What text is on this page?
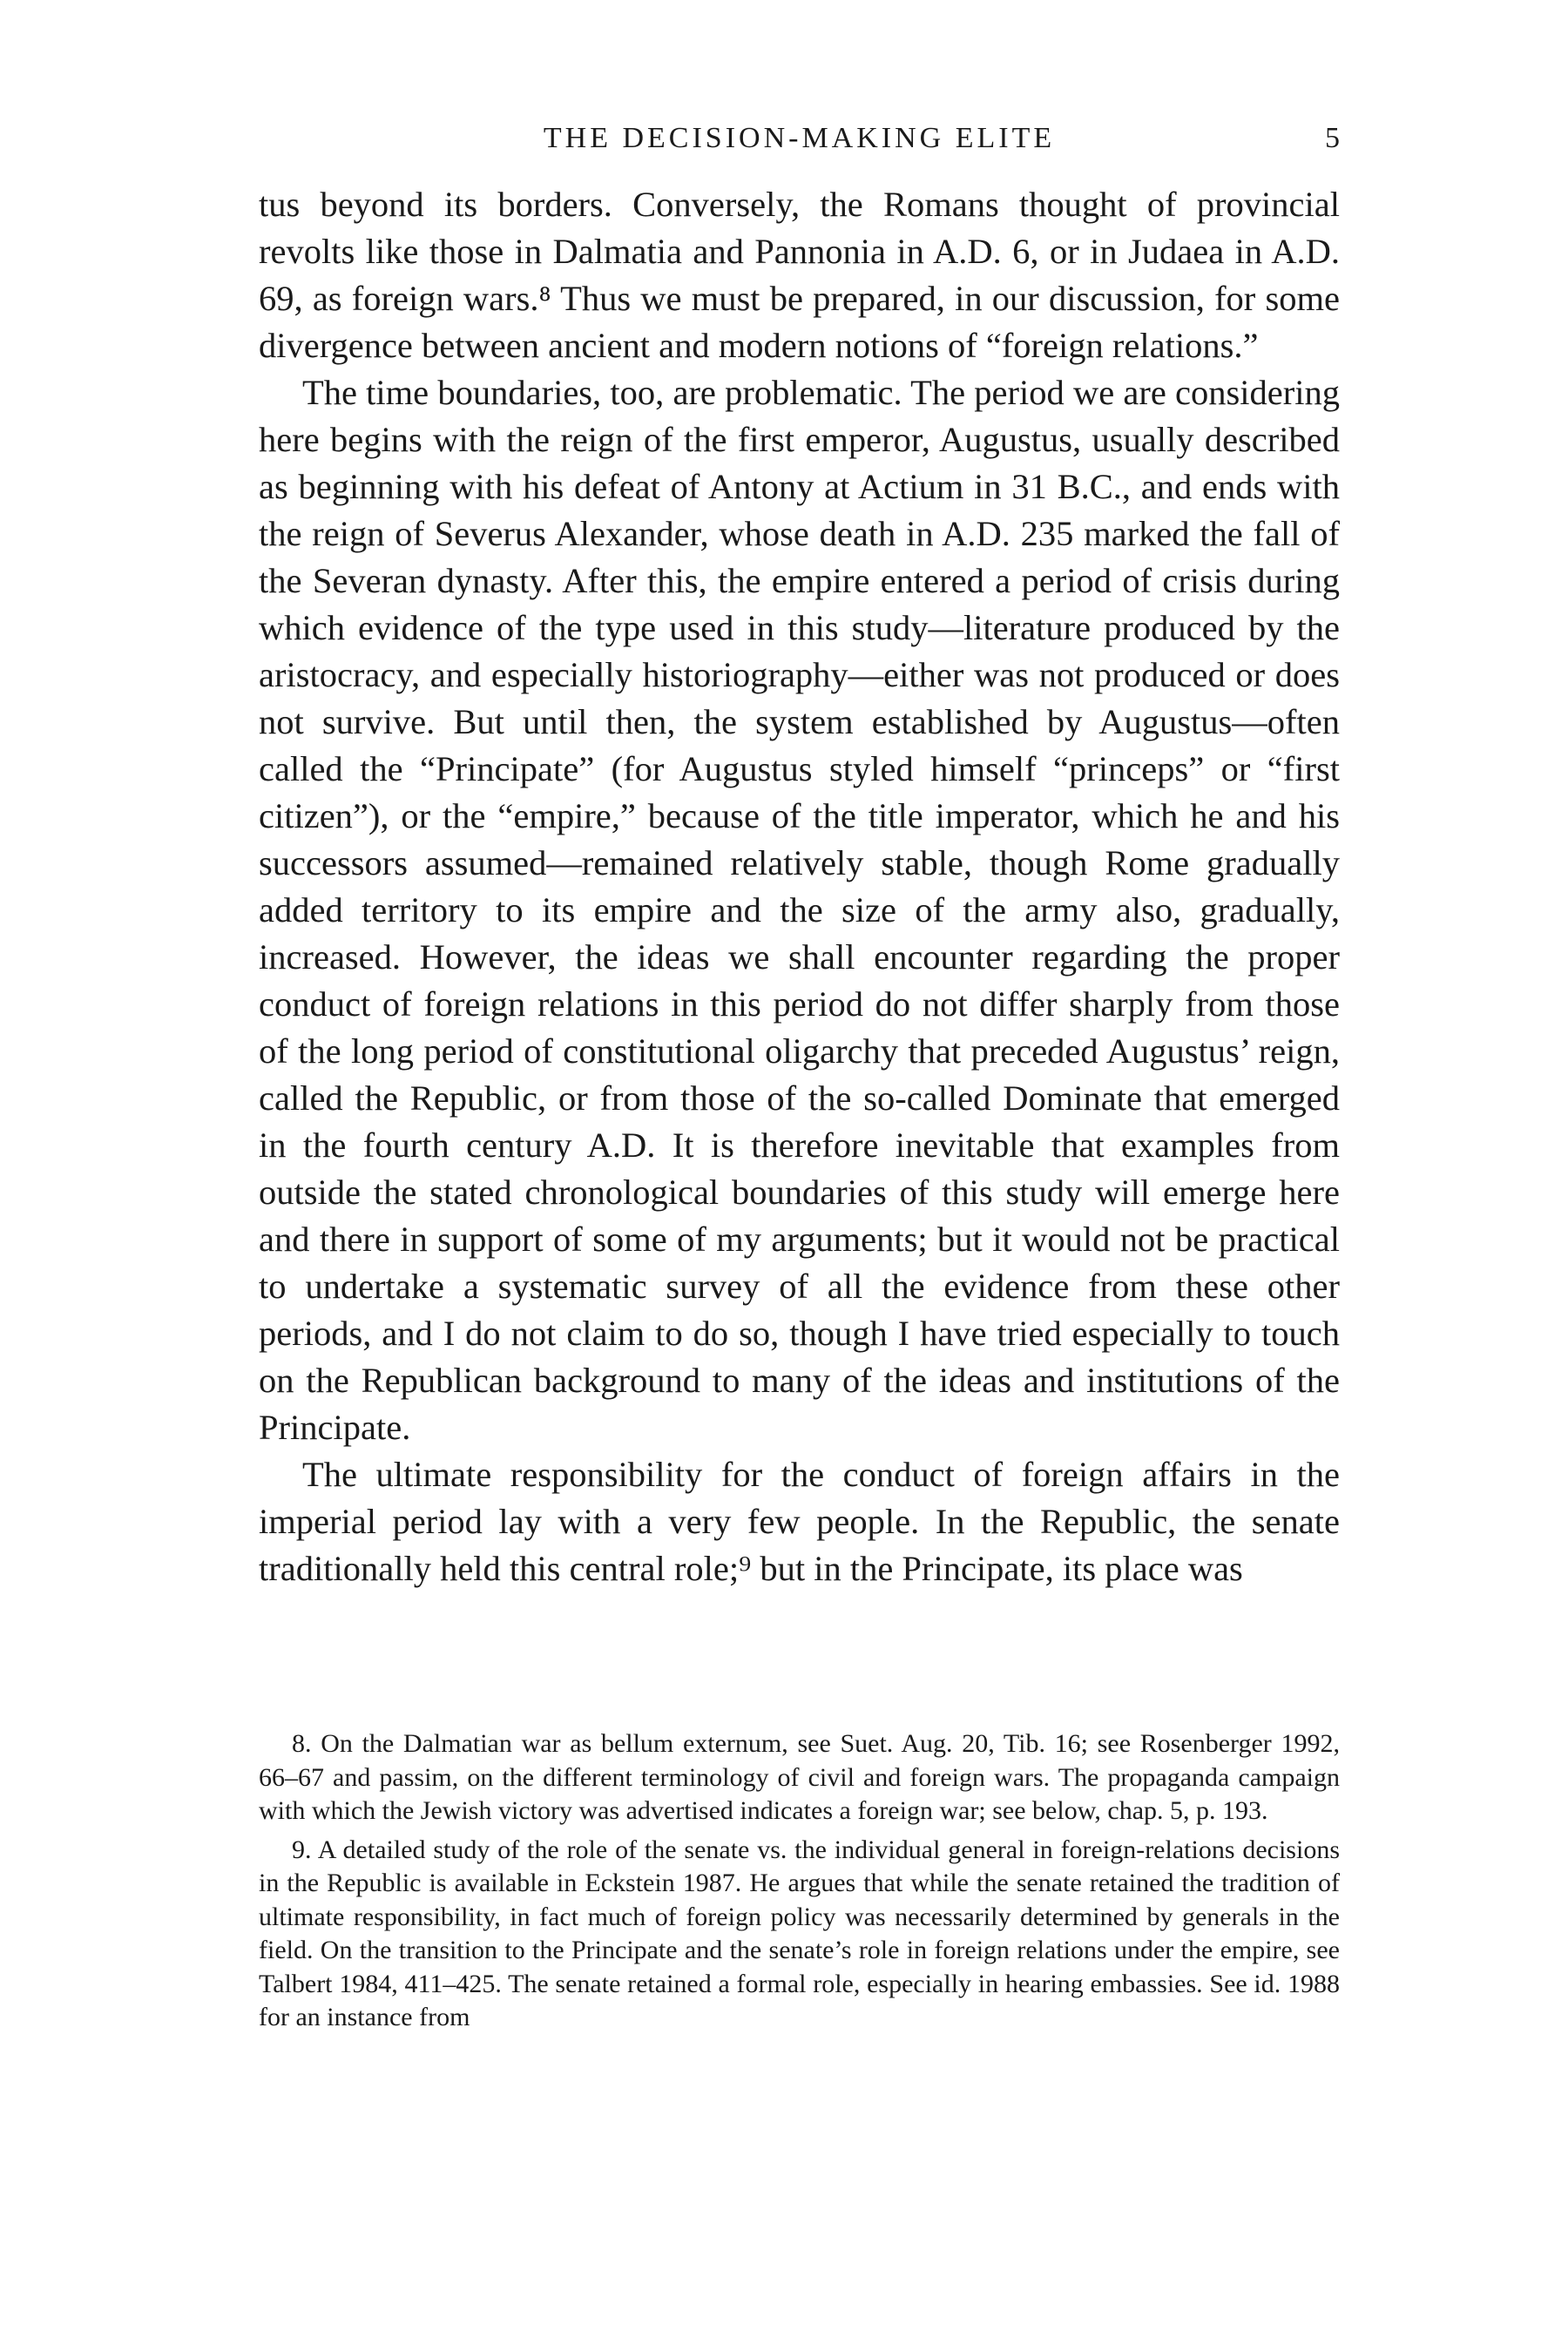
THE DECISION-MAKING ELITE	5

tus beyond its borders. Conversely, the Romans thought of provincial revolts like those in Dalmatia and Pannonia in A.D. 6, or in Judaea in A.D. 69, as foreign wars.⁸ Thus we must be prepared, in our discussion, for some divergence between ancient and modern notions of “foreign relations.”

The time boundaries, too, are problematic. The period we are considering here begins with the reign of the first emperor, Augustus, usually described as beginning with his defeat of Antony at Actium in 31 B.C., and ends with the reign of Severus Alexander, whose death in A.D. 235 marked the fall of the Severan dynasty. After this, the empire entered a period of crisis during which evidence of the type used in this study—literature produced by the aristocracy, and especially historiography—either was not produced or does not survive. But until then, the system established by Augustus—often called the “Principate” (for Augustus styled himself “princeps” or “first citizen”), or the “empire,” because of the title imperator, which he and his successors assumed—remained relatively stable, though Rome gradually added territory to its empire and the size of the army also, gradually, increased. However, the ideas we shall encounter regarding the proper conduct of foreign relations in this period do not differ sharply from those of the long period of constitutional oligarchy that preceded Augustus’ reign, called the Republic, or from those of the so-called Dominate that emerged in the fourth century A.D. It is therefore inevitable that examples from outside the stated chronological boundaries of this study will emerge here and there in support of some of my arguments; but it would not be practical to undertake a systematic survey of all the evidence from these other periods, and I do not claim to do so, though I have tried especially to touch on the Republican background to many of the ideas and institutions of the Principate.

The ultimate responsibility for the conduct of foreign affairs in the imperial period lay with a very few people. In the Republic, the senate traditionally held this central role;⁹ but in the Principate, its place was

8. On the Dalmatian war as bellum externum, see Suet. Aug. 20, Tib. 16; see Rosenberger 1992, 66–67 and passim, on the different terminology of civil and foreign wars. The propaganda campaign with which the Jewish victory was advertised indicates a foreign war; see below, chap. 5, p. 193.

9. A detailed study of the role of the senate vs. the individual general in foreign-relations decisions in the Republic is available in Eckstein 1987. He argues that while the senate retained the tradition of ultimate responsibility, in fact much of foreign policy was necessarily determined by generals in the field. On the transition to the Principate and the senate’s role in foreign relations under the empire, see Talbert 1984, 411–425. The senate retained a formal role, especially in hearing embassies. See id. 1988 for an instance from
